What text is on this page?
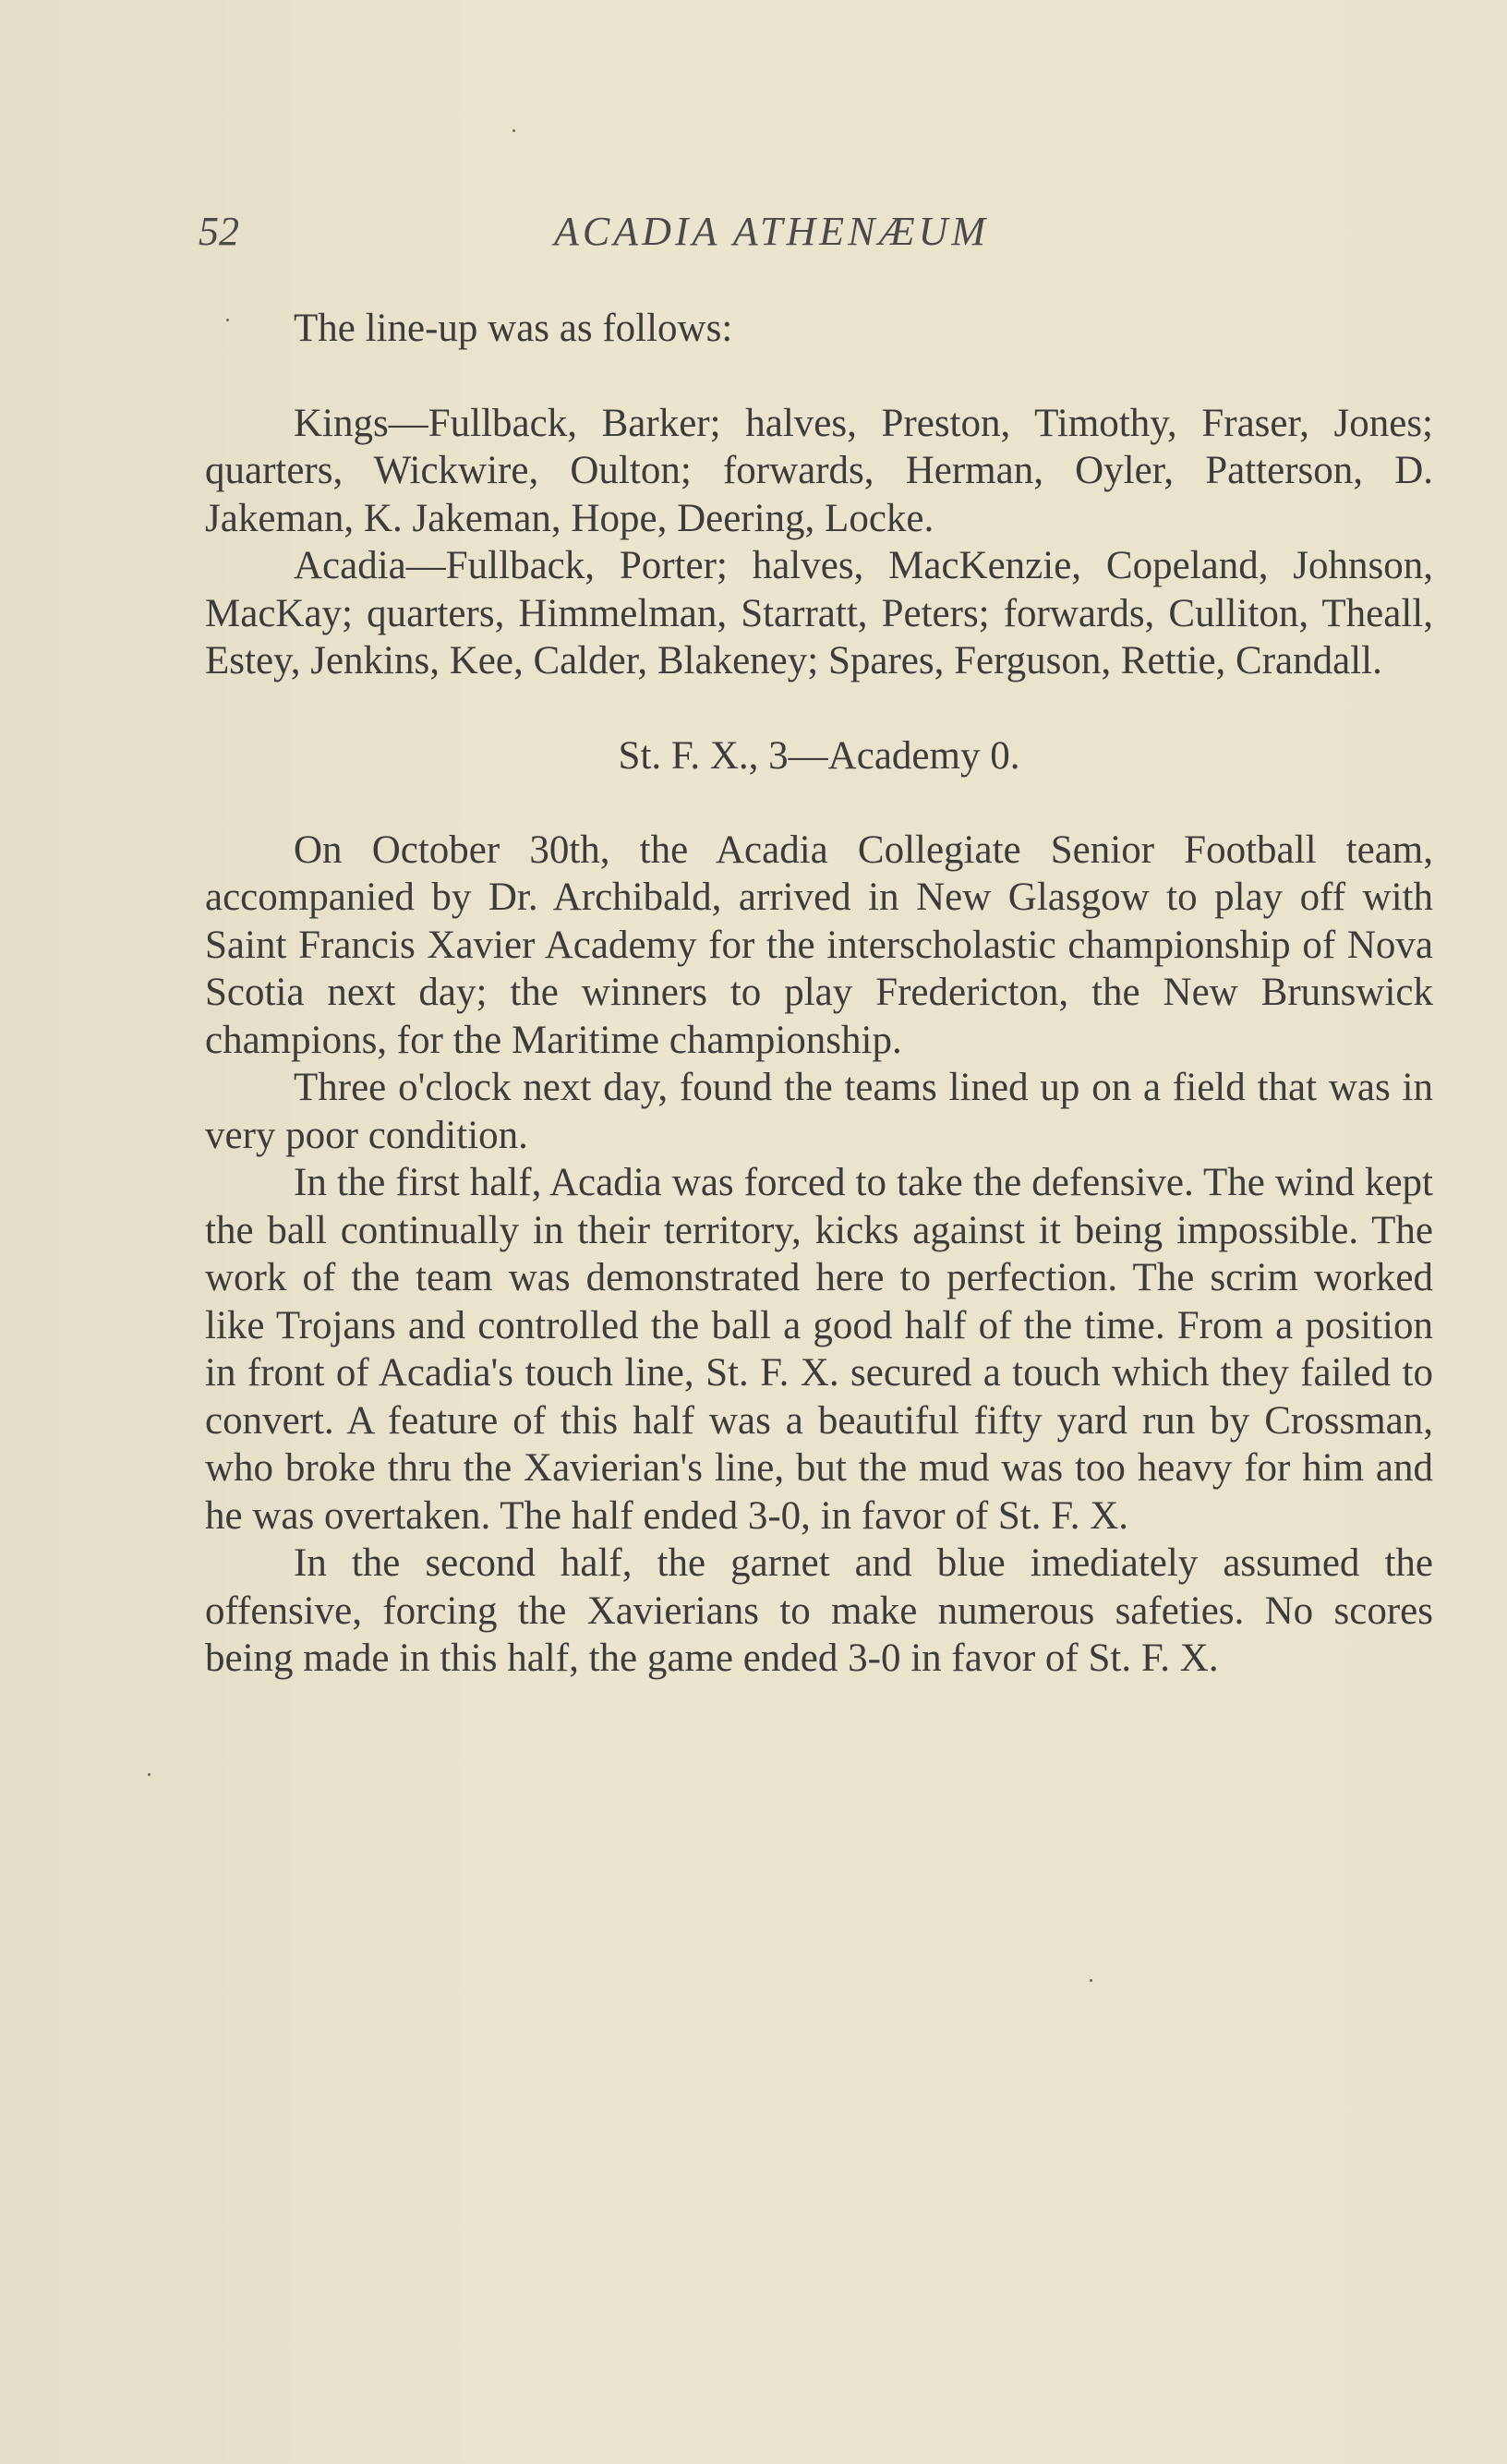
52	ACADIA ATHENÆUM

The line-up was as follows:

Kings—Fullback, Barker; halves, Preston, Timothy, Fraser, Jones; quarters, Wickwire, Oulton; forwards, Herman, Oyler, Patterson, D. Jakeman, K. Jakeman, Hope, Deering, Locke.

Acadia—Fullback, Porter; halves, MacKenzie, Copeland, Johnson, MacKay; quarters, Himmelman, Starratt, Peters; forwards, Culliton, Theall, Estey, Jenkins, Kee, Calder, Blakeney; Spares, Ferguson, Rettie, Crandall.

St. F. X., 3—Academy 0.

On October 30th, the Acadia Collegiate Senior Football team, accompanied by Dr. Archibald, arrived in New Glasgow to play off with Saint Francis Xavier Academy for the interscholastic championship of Nova Scotia next day; the winners to play Fredericton, the New Brunswick champions, for the Maritime championship.

Three o'clock next day, found the teams lined up on a field that was in very poor condition.

In the first half, Acadia was forced to take the defensive. The wind kept the ball continually in their territory, kicks against it being impossible. The work of the team was demonstrated here to perfection. The scrim worked like Trojans and controlled the ball a good half of the time. From a position in front of Acadia's touch line, St. F. X. secured a touch which they failed to convert. A feature of this half was a beautiful fifty yard run by Crossman, who broke thru the Xavierian's line, but the mud was too heavy for him and he was overtaken. The half ended 3-0, in favor of St. F. X.

In the second half, the garnet and blue imediately assumed the offensive, forcing the Xavierians to make numerous safeties. No scores being made in this half, the game ended 3-0 in favor of St. F. X.
